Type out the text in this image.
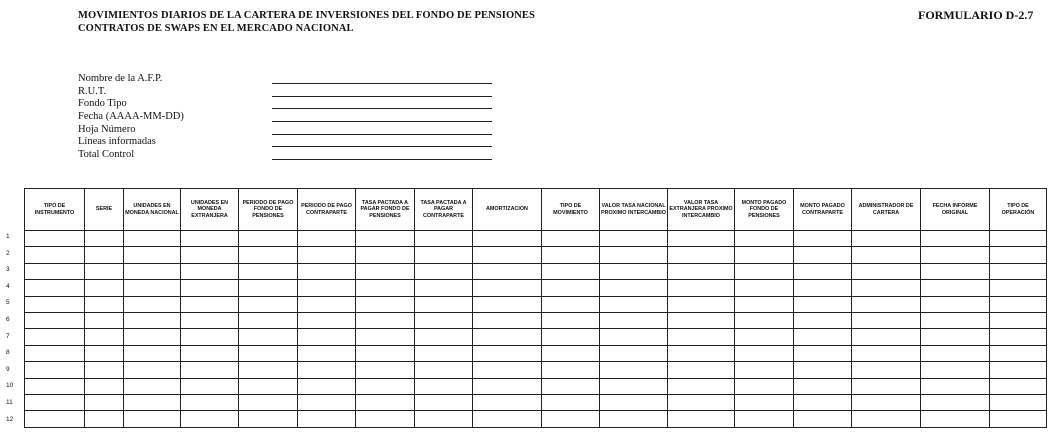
MOVIMIENTOS DIARIOS DE LA CARTERA DE INVERSIONES DEL FONDO DE PENSIONES
CONTRATOS DE SWAPS EN EL MERCADO NACIONAL
FORMULARIO D-2.7
Nombre de la A.F.P.
R.U.T.
Fondo Tipo
Fecha (AAAA-MM-DD)
Hoja Número
Líneas informadas
Total Control
TIPO DE INSTRUMENTO	SERIE	UNIDADES EN MONEDA NACIONAL	UNIDADES EN MONEDA EXTRANJERA	PERIODO DE PAGO FONDO DE PENSIONES	PERIODO DE PAGO CONTRAPARTE	TASA PACTADA A PAGAR FONDO DE PENSIONES	TASA PACTADA A PAGAR CONTRAPARTE	AMORTIZACION	TIPO DE MOVIMIENTO	VALOR TASA NACIONAL PROXIMO INTERCAMBIO	VALOR TASA EXTRANJERA PROXIMO INTERCAMBIO	MONTO PAGADO FONDO DE PENSIONES	MONTO PAGADO CONTRAPARTE	ADMINISTRADOR DE CARTERA	FECHA INFORME ORIGINAL	TIPO DE OPERACIÓN

1
2
3
4
5
6
7
8
9
10
11
12
